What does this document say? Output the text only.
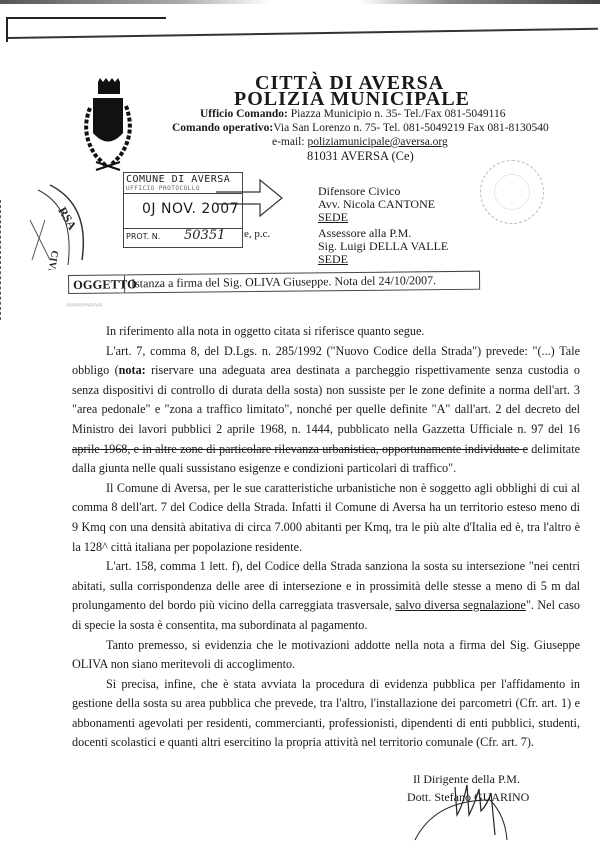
CITTÀ DI AVERSA
POLIZIA MUNICIPALE
Ufficio Comando: Piazza Municipio n. 35- Tel./Fax 081-5049116
Comando operativo:Via San Lorenzo n. 75- Tel. 081-5049219 Fax 081-8130540
e-mail: poliziamunicipale@aversa.org
81031 AVERSA (Ce)
COMUNE DI AVERSA
UFFICIO PROTOCOLLO
0J NOV. 2007
PROT. N. 50351 e, p.c.
RSA
CIVICO
Difensore Civico
Avv. Nicola CANTONE
SEDE
Assessore alla P.M.
Sig. Luigi DELLA VALLE
SEDE
OGGETTO
Istanza a firma del Sig. OLIVA Giuseppe. Nota del 24/10/2007.
^^^^^^^^^^^^^

In riferimento alla nota in oggetto citata si riferisce quanto segue.

L'art. 7, comma 8, del D.Lgs. n. 285/1992 ("Nuovo Codice della Strada") prevede: "(...) Tale obbligo (nota: riservare una adeguata area destinata a parcheggio rispettivamente senza custodia o senza dispositivi di controllo di durata della sosta) non sussiste per le zone definite a norma dell'art. 3 "area pedonale" e "zona a traffico limitato", nonché per quelle definite "A" dall'art. 2 del decreto del Ministro dei lavori pubblici 2 aprile 1968, n. 1444, pubblicato nella Gazzetta Ufficiale n. 97 del 16 aprile 1968, e in altre zone di particolare rilevanza urbanistica, opportunamente individuate e delimitate dalla giunta nelle quali sussistano esigenze e condizioni particolari di traffico".

Il Comune di Aversa, per le sue caratteristiche urbanistiche non è soggetto agli obblighi di cui al comma 8 dell'art. 7 del Codice della Strada. Infatti il Comune di Aversa ha un territorio esteso meno di 9 Kmq con una densità abitativa di circa 7.000 abitanti per Kmq, tra le più alte d'Italia ed è, tra l'altro è la 128^ città italiana per popolazione residente.

L'art. 158, comma 1 lett. f), del Codice della Strada sanziona la sosta su intersezione "nei centri abitati, sulla corrispondenza delle aree di intersezione e in prossimità delle stesse a meno di 5 m dal prolungamento del bordo più vicino della carreggiata trasversale, salvo diversa segnalazione". Nel caso di specie la sosta è consentita, ma subordinata al pagamento.

Tanto premesso, si evidenzia che le motivazioni addotte nella nota a firma del Sig. Giuseppe OLIVA non siano meritevoli di accoglimento.

Si precisa, infine, che è stata avviata la procedura di evidenza pubblica per l'affidamento in gestione della sosta su area pubblica che prevede, tra l'altro, l'installazione dei parcometri (Cfr. art. 1) e abbonamenti agevolati per residenti, commercianti, professionisti, dipendenti di enti pubblici, studenti, docenti scolastici e quanti altri esercitino la propria attività nel territorio comunale (Cfr. art. 7).

Il Dirigente della P.M.
Dott. Stefano GUARINO
